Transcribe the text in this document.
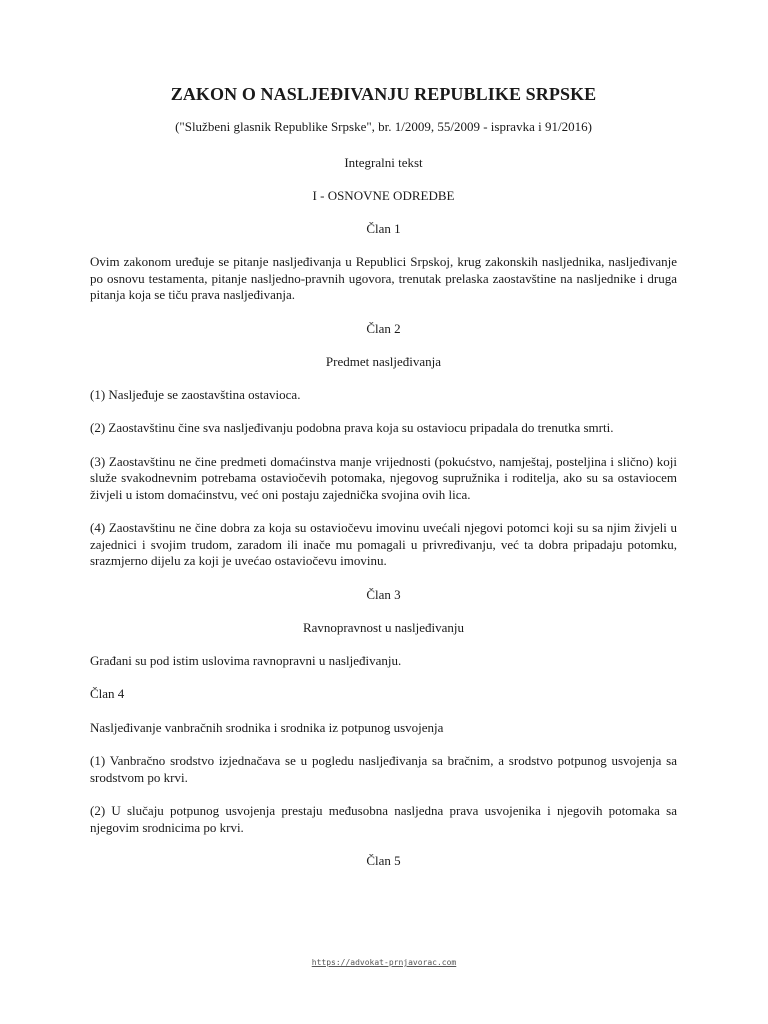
ZAKON O NASLJEĐIVANJU REPUBLIKE SRPSKE

("Službeni glasnik Republike Srpske", br. 1/2009, 55/2009 - ispravka i 91/2016)

Integralni tekst

I - OSNOVNE ODREDBE

Član 1

Ovim zakonom uređuje se pitanje nasljeđivanja u Republici Srpskoj, krug zakonskih nasljednika, nasljeđivanje po osnovu testamenta, pitanje nasljedno-pravnih ugovora, trenutak prelaska zaostavštine na nasljednike i druga pitanja koja se tiču prava nasljeđivanja.

Član 2

Predmet nasljeđivanja

(1) Nasljeđuje se zaostavština ostavioca.

(2) Zaostavštinu čine sva nasljeđivanju podobna prava koja su ostaviocu pripadala do trenutka smrti.

(3) Zaostavštinu ne čine predmeti domaćinstva manje vrijednosti (pokućstvo, namještaj, posteljina i slično) koji služe svakodnevnim potrebama ostaviočevih potomaka, njegovog supružnika i roditelja, ako su sa ostaviocem živjeli u istom domaćinstvu, već oni postaju zajednička svojina ovih lica.

(4) Zaostavštinu ne čine dobra za koja su ostaviočevu imovinu uvećali njegovi potomci koji su sa njim živjeli u zajednici i svojim trudom, zaradom ili inače mu pomagali u privređivanju, već ta dobra pripadaju potomku, srazmjerno dijelu za koji je uvećao ostaviočevu imovinu.

Član 3

Ravnopravnost u nasljeđivanju

Građani su pod istim uslovima ravnopravni u nasljeđivanju.

Član 4

Nasljeđivanje vanbračnih srodnika i srodnika iz potpunog usvojenja

(1) Vanbračno srodstvo izjednačava se u pogledu nasljeđivanja sa bračnim, a srodstvo potpunog usvojenja sa srodstvom po krvi.

(2) U slučaju potpunog usvojenja prestaju međusobna nasljedna prava usvojenika i njegovih potomaka sa njegovim srodnicima po krvi.

Član 5

https://advokat-prnjavorac.com
